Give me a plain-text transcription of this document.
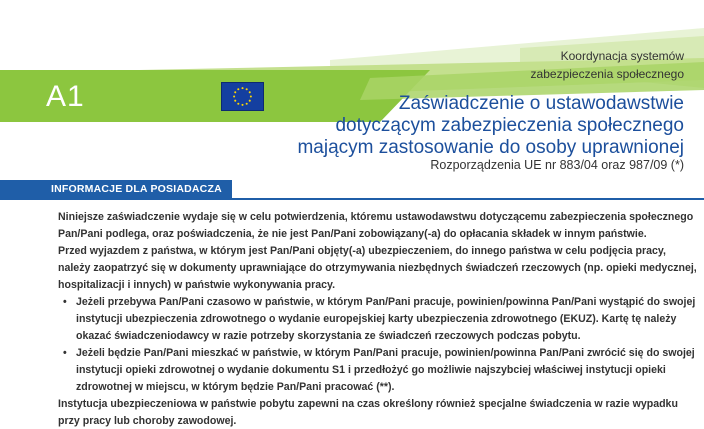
Koordynacja systemów
zabezpieczenia społecznego
A1	Zaświadczenie o ustawodawstwie
dotyczącym zabezpieczenia społecznego
mającym zastosowanie do osoby uprawnionej
Rozporządzenia UE nr 883/04 oraz 987/09 (*)
INFORMACJE DLA POSIADACZA

Niniejsze zaświadczenie wydaje się w celu potwierdzenia, któremu ustawodawstwu dotyczącemu zabezpieczenia społecznego Pan/Pani podlega, oraz poświadczenia, że nie jest Pan/Pani zobowiązany(-a) do opłacania składek w innym państwie.

Przed wyjazdem z państwa, w którym jest Pan/Pani objęty(-a) ubezpieczeniem, do innego państwa w celu podjęcia pracy, należy zaopatrzyć się w dokumenty uprawniające do otrzymywania niezbędnych świadczeń rzeczowych (np. opieki medycznej, hospitalizacji i innych) w państwie wykonywania pracy.

• Jeżeli przebywa Pan/Pani czasowo w państwie, w którym Pan/Pani pracuje, powinien/powinna Pan/Pani wystąpić do swojej instytucji ubezpieczenia zdrowotnego o wydanie europejskiej karty ubezpieczenia zdrowotnego (EKUZ). Kartę tę należy okazać świadczeniodawcy w razie potrzeby skorzystania ze świadczeń rzeczowych podczas pobytu.
• Jeżeli będzie Pan/Pani mieszkać w państwie, w którym Pan/Pani pracuje, powinien/powinna Pan/Pani zwrócić się do swojej instytucji opieki zdrowotnej o wydanie dokumentu S1 i przedłożyć go możliwie najszybciej właściwej instytucji opieki zdrowotnej w miejscu, w którym będzie Pan/Pani pracować (**).

Instytucja ubezpieczeniowa w państwie pobytu zapewni na czas określony również specjalne świadczenia w razie wypadku przy pracy lub choroby zawodowej.
